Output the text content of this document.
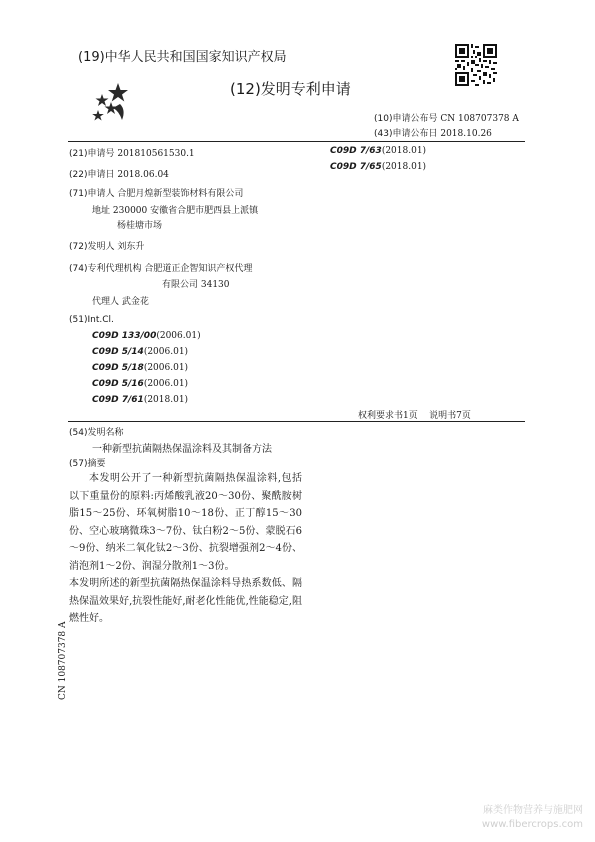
(19)中华人民共和国国家知识产权局
(12)发明专利申请
(10)申请公布号 CN 108707378 A
(43)申请公布日 2018.10.26
(21)申请号 201810561530.1
(22)申请日 2018.06.04
(71)申请人 合肥月煌新型装饰材料有限公司
地址 230000 安徽省合肥市肥西县上派镇
杨桂塘市场
(72)发明人 刘东升
(74)专利代理机构 合肥道正企智知识产权代理
有限公司 34130
代理人 武金花
(51)Int.Cl.
C09D 133/00(2006.01)
C09D 5/14(2006.01)
C09D 5/18(2006.01)
C09D 5/16(2006.01)
C09D 7/61(2018.01)
C09D 7/63(2018.01)
C09D 7/65(2018.01)
权利要求书1页    说明书7页
(54)发明名称
一种新型抗菌隔热保温涂料及其制备方法
(57)摘要

本发明公开了一种新型抗菌隔热保温涂料,包括以下重量份的原料:丙烯酸乳液20～30份、聚酰胺树脂15～25份、环氧树脂10～18份、正丁醇15～30份、空心玻璃微珠3～7份、钛白粉2～5份、蒙脱石6～9份、纳米二氧化钛2～3份、抗裂增强剂2～4份、消泡剂1～2份、润湿分散剂1～3份。

本发明所述的新型抗菌隔热保温涂料导热系数低、隔热保温效果好,抗裂性能好,耐老化性能优,性能稳定,阻燃性好。

CN 108707378 A
麻类作物营养与施肥网
www.fibercrops.com
